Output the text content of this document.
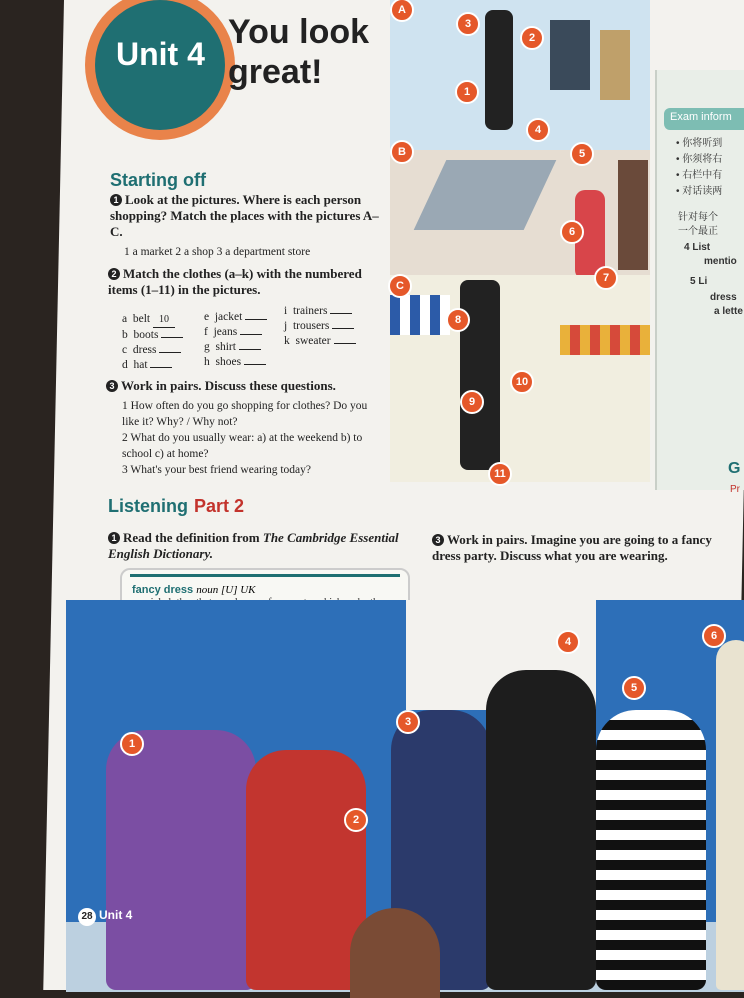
Exam inform
• 你将听到
• 你须将右
• 右栏中有
• 对话读两
针对每个
一个最正
4 List
mentio
5 Li
dress
a lette
G
Pr
Unit 4
You look
great!
Starting off
1 Look at the pictures. Where is each person shopping? Match the places with the pictures A–C.
1 a market 2 a shop 3 a department store
2 Match the clothes (a–k) with the numbered items (1–11) in the pictures.
a belt 10
b boots
c dress
d hat
e jacket
f jeans
g shirt
h shoes
i trainers
j trousers
k sweater
3 Work in pairs. Discuss these questions.
1 How often do you go shopping for clothes? Do you like it? Why? / Why not?
2 What do you usually wear: a) at the weekend b) to school c) at home?
3 What's your best friend wearing today?
A
B
C
1
2
3
4
5
6
7
8
9
10
11
Listening Part 2
1 Read the definition from The Cambridge Essential English Dictionary.
fancy dress noun [U] UK
3 Work in pairs. Imagine you are going to a fancy dress party. Discuss what you are wearing.
1
2
3
4
5
6
28 Unit 4
